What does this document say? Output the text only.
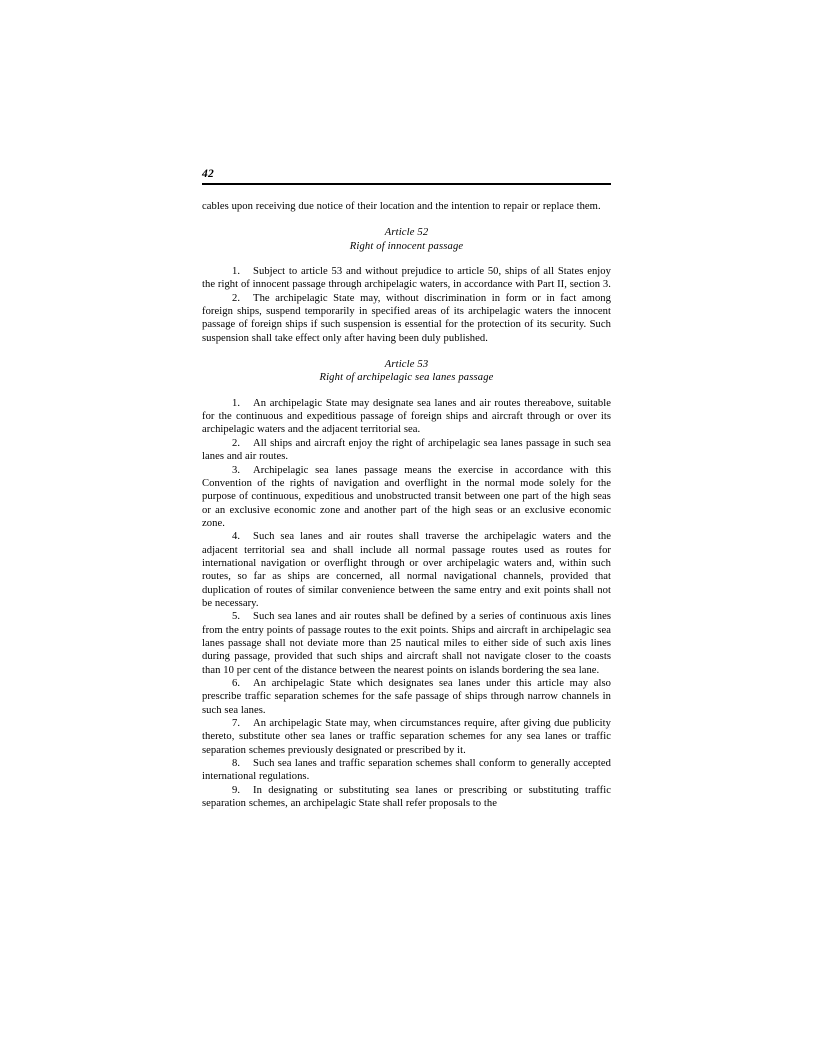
42

cables upon receiving due notice of their location and the intention to repair or replace them.

Article 52
Right of innocent passage

1. Subject to article 53 and without prejudice to article 50, ships of all States enjoy the right of innocent passage through archipelagic waters, in accordance with Part II, section 3.

2. The archipelagic State may, without discrimination in form or in fact among foreign ships, suspend temporarily in specified areas of its archipelagic waters the innocent passage of foreign ships if such suspension is essential for the protection of its security. Such suspension shall take effect only after having been duly published.

Article 53
Right of archipelagic sea lanes passage

1. An archipelagic State may designate sea lanes and air routes thereabove, suitable for the continuous and expeditious passage of foreign ships and aircraft through or over its archipelagic waters and the adjacent territorial sea.

2. All ships and aircraft enjoy the right of archipelagic sea lanes passage in such sea lanes and air routes.

3. Archipelagic sea lanes passage means the exercise in accordance with this Convention of the rights of navigation and overflight in the normal mode solely for the purpose of continuous, expeditious and unobstructed transit between one part of the high seas or an exclusive economic zone and another part of the high seas or an exclusive economic zone.

4. Such sea lanes and air routes shall traverse the archipelagic waters and the adjacent territorial sea and shall include all normal passage routes used as routes for international navigation or overflight through or over archipelagic waters and, within such routes, so far as ships are concerned, all normal navigational channels, provided that duplication of routes of similar convenience between the same entry and exit points shall not be necessary.

5. Such sea lanes and air routes shall be defined by a series of continuous axis lines from the entry points of passage routes to the exit points. Ships and aircraft in archipelagic sea lanes passage shall not deviate more than 25 nautical miles to either side of such axis lines during passage, provided that such ships and aircraft shall not navigate closer to the coasts than 10 per cent of the distance between the nearest points on islands bordering the sea lane.

6. An archipelagic State which designates sea lanes under this article may also prescribe traffic separation schemes for the safe passage of ships through narrow channels in such sea lanes.

7. An archipelagic State may, when circumstances require, after giving due publicity thereto, substitute other sea lanes or traffic separation schemes for any sea lanes or traffic separation schemes previously designated or prescribed by it.

8. Such sea lanes and traffic separation schemes shall conform to generally accepted international regulations.

9. In designating or substituting sea lanes or prescribing or substituting traffic separation schemes, an archipelagic State shall refer proposals to the
